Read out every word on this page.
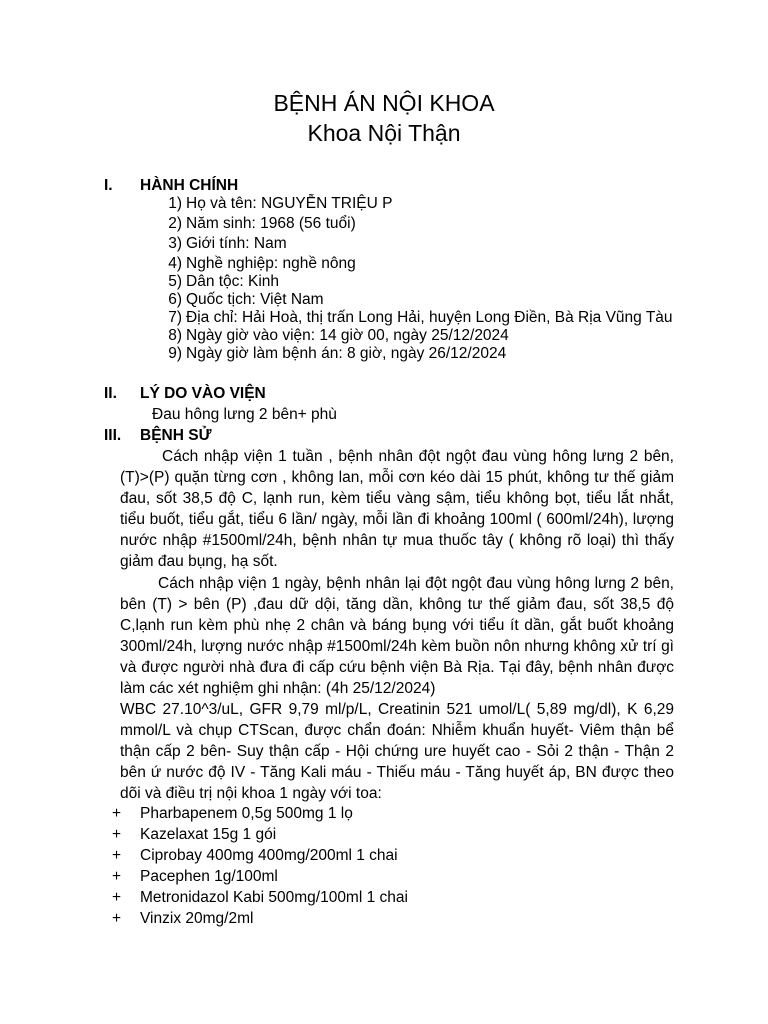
BỆNH ÁN NỘI KHOA
Khoa Nội Thận
I. HÀNH CHÍNH
1) Họ và tên: NGUYỄN TRIỆU P
2) Năm sinh: 1968 (56 tuổi)
3) Giới tính: Nam
4) Nghề nghiệp: nghề nông
5) Dân tộc: Kinh
6) Quốc tịch: Việt Nam
7) Địa chỉ: Hải Hoà, thị trấn Long Hải, huyện Long Điền, Bà Rịa Vũng Tàu
8) Ngày giờ vào viện: 14 giờ 00, ngày 25/12/2024
9) Ngày giờ làm bệnh án: 8 giờ, ngày 26/12/2024
II. LÝ DO VÀO VIỆN
Đau hông lưng 2 bên+ phù
III. BỆNH SỬ
Cách nhập viện 1 tuần , bệnh nhân đột ngột đau vùng hông lưng 2 bên, (T)>(P) quặn từng cơn , không lan, mỗi cơn kéo dài 15 phút, không tư thế giảm đau, sốt 38,5 độ C, lạnh run, kèm tiểu vàng sậm, tiểu không bọt, tiểu lắt nhắt, tiểu buốt, tiểu gắt, tiểu 6 lần/ ngày, mỗi lần đi khoảng 100ml ( 600ml/24h), lượng nước nhập #1500ml/24h, bệnh nhân tự mua thuốc tây ( không rõ loại) thì thấy giảm đau bụng, hạ sốt.
Cách nhập viện 1 ngày, bệnh nhân lại đột ngột đau vùng hông lưng 2 bên, bên (T) > bên (P) ,đau dữ dội, tăng dần, không tư thế giảm đau, sốt 38,5 độ C,lạnh run kèm phù nhẹ 2 chân và báng bụng với tiểu ít dần, gắt buốt khoảng 300ml/24h, lượng nước nhập #1500ml/24h kèm buồn nôn nhưng không xử trí gì và được người nhà đưa đi cấp cứu bệnh viện Bà Rịa. Tại đây, bệnh nhân được làm các xét nghiệm ghi nhận: (4h 25/12/2024)
WBC 27.10^3/uL, GFR 9,79 ml/p/L, Creatinin 521 umol/L( 5,89 mg/dl), K 6,29 mmol/L và chụp CTScan, được chẩn đoán: Nhiễm khuẩn huyết- Viêm thận bể thận cấp 2 bên- Suy thận cấp - Hội chứng ure huyết cao - Sỏi 2 thận - Thận 2 bên ứ nước độ IV - Tăng Kali máu - Thiếu máu - Tăng huyết áp, BN được theo dõi và điều trị nội khoa 1 ngày với toa:
+ Pharbapenem 0,5g 500mg 1 lọ
+ Kazelaxat 15g 1 gói
+ Ciprobay 400mg 400mg/200ml 1 chai
+ Pacephen 1g/100ml
+ Metronidazol Kabi 500mg/100ml 1 chai
+ Vinzix 20mg/2ml
